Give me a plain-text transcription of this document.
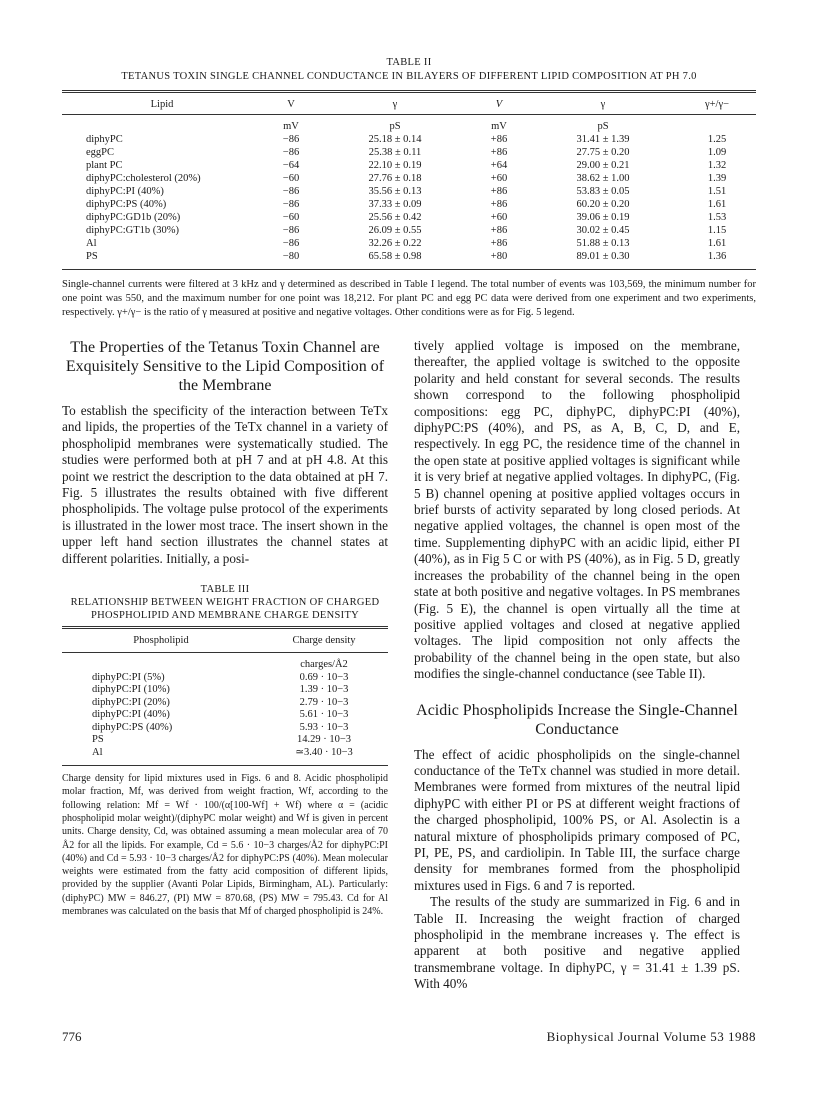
TABLE II
TETANUS TOXIN SINGLE CHANNEL CONDUCTANCE IN BILAYERS OF DIFFERENT LIPID COMPOSITION AT PH 7.0
Lipid	V	γ	V	γ	γ+/γ−
	mV	pS	mV	pS	
diphyPC	−86	25.18 ± 0.14	+86	31.41 ± 1.39	1.25
eggPC	−86	25.38 ± 0.11	+86	27.75 ± 0.20	1.09
plant PC	−64	22.10 ± 0.19	+64	29.00 ± 0.21	1.32
diphyPC:cholesterol (20%)	−60	27.76 ± 0.18	+60	38.62 ± 1.00	1.39
diphyPC:PI (40%)	−86	35.56 ± 0.13	+86	53.83 ± 0.05	1.51
diphyPC:PS (40%)	−86	37.33 ± 0.09	+86	60.20 ± 0.20	1.61
diphyPC:GD1b (20%)	−60	25.56 ± 0.42	+60	39.06 ± 0.19	1.53
diphyPC:GT1b (30%)	−86	26.09 ± 0.55	+86	30.02 ± 0.45	1.15
Al	−86	32.26 ± 0.22	+86	51.88 ± 0.13	1.61
PS	−80	65.58 ± 0.98	+80	89.01 ± 0.30	1.36

Single-channel currents were filtered at 3 kHz and γ determined as described in Table I legend. The total number of events was 103,569, the minimum number for one point was 550, and the maximum number for one point was 18,212. For plant PC and egg PC data were derived from one experiment and two experiments, respectively. γ+/γ− is the ratio of γ measured at positive and negative voltages. Other conditions were as for Fig. 5 legend.

The Properties of the Tetanus Toxin Channel are Exquisitely Sensitive to the Lipid Composition of the Membrane

To establish the specificity of the interaction between TeTx and lipids, the properties of the TeTx channel in a variety of phospholipid membranes were systematically studied. The studies were performed both at pH 7 and at pH 4.8. At this point we restrict the description to the data obtained at pH 7. Fig. 5 illustrates the results obtained with five different phospholipids. The voltage pulse protocol of the experiments is illustrated in the lower most trace. The insert shown in the upper left hand section illustrates the channel states at different polarities. Initially, a posi-

TABLE III
RELATIONSHIP BETWEEN WEIGHT FRACTION OF CHARGED PHOSPHOLIPID AND MEMBRANE CHARGE DENSITY
Phospholipid	Charge density
	charges/Å2
diphyPC:PI (5%)	0.69 · 10−3
diphyPC:PI (10%)	1.39 · 10−3
diphyPC:PI (20%)	2.79 · 10−3
diphyPC:PI (40%)	5.61 · 10−3
diphyPC:PS (40%)	5.93 · 10−3
PS	14.29 · 10−3
Al	≃3.40 · 10−3

Charge density for lipid mixtures used in Figs. 6 and 8. Acidic phospholipid molar fraction, Mf, was derived from weight fraction, Wf, according to the following relation: Mf = Wf · 100/(α[100-Wf] + Wf) where α = (acidic phospholipid molar weight)/(diphyPC molar weight) and Wf is given in percent units. Charge density, Cd, was obtained assuming a mean molecular area of 70 Å2 for all the lipids. For example, Cd = 5.6 · 10−3 charges/Å2 for diphyPC:PI (40%) and Cd = 5.93 · 10−3 charges/Å2 for diphyPC:PS (40%). Mean molecular weights were estimated from the fatty acid composition of different lipids, provided by the supplier (Avanti Polar Lipids, Birmingham, AL). Particularly: (diphyPC) MW = 846.27, (PI) MW = 870.68, (PS) MW = 795.43. Cd for Al membranes was calculated on the basis that Mf of charged phospholipid is 24%.

tively applied voltage is imposed on the membrane, thereafter, the applied voltage is switched to the opposite polarity and held constant for several seconds. The results shown correspond to the following phospholipid compositions: egg PC, diphyPC, diphyPC:PI (40%), diphyPC:PS (40%), and PS, as A, B, C, D, and E, respectively. In egg PC, the residence time of the channel in the open state at positive applied voltages is significant while it is very brief at negative applied voltages. In diphyPC, (Fig. 5 B) channel opening at positive applied voltages occurs in brief bursts of activity separated by long closed periods. At negative applied voltages, the channel is open most of the time. Supplementing diphyPC with an acidic lipid, either PI (40%), as in Fig 5 C or with PS (40%), as in Fig. 5 D, greatly increases the probability of the channel being in the open state at both positive and negative voltages. In PS membranes (Fig. 5 E), the channel is open virtually all the time at positive applied voltages and closed at negative applied voltages. The lipid composition not only affects the probability of the channel being in the open state, but also modifies the single-channel conductance (see Table II).

Acidic Phospholipids Increase the Single-Channel Conductance

The effect of acidic phospholipids on the single-channel conductance of the TeTx channel was studied in more detail. Membranes were formed from mixtures of the neutral lipid diphyPC with either PI or PS at different weight fractions of the charged phospholipid, 100% PS, or Al. Asolectin is a natural mixture of phospholipids primary composed of PC, PI, PE, PS, and cardiolipin. In Table III, the surface charge density for membranes formed from the phospholipid mixtures used in Figs. 6 and 7 is reported.

The results of the study are summarized in Fig. 6 and in Table II. Increasing the weight fraction of charged phospholipid in the membrane increases γ. The effect is apparent at both positive and negative applied transmembrane voltage. In diphyPC, γ = 31.41 ± 1.39 pS. With 40%

776	Biophysical Journal Volume 53 1988
